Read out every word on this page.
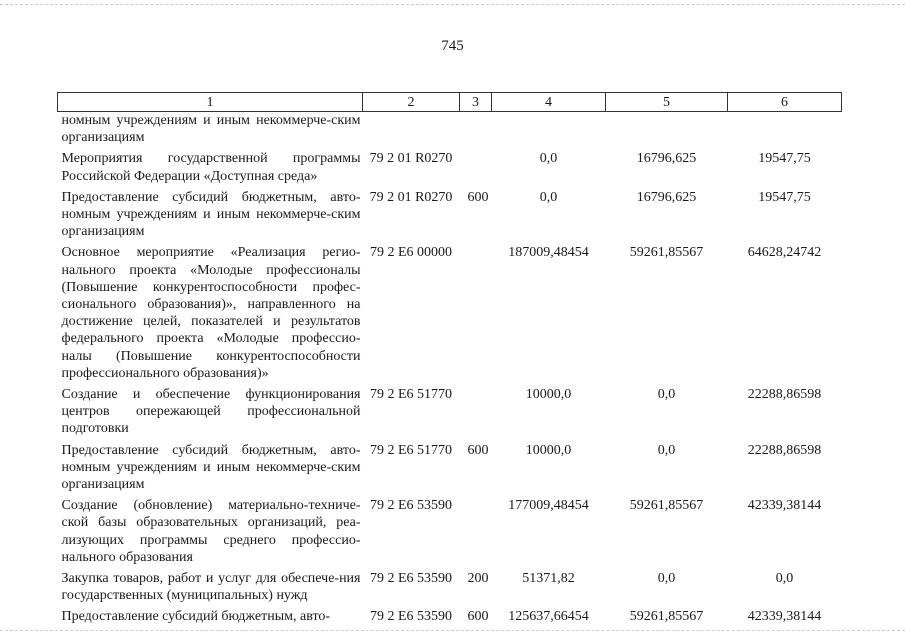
745
1	2	3	4	5	6
номным учреждениям и иным некоммерче-ским организациям					
Мероприятия государственной программы Российской Федерации «Доступная среда»	79 2 01 R0270		0,0	16796,625	19547,75
Предоставление субсидий бюджетным, авто-номным учреждениям и иным некоммерче-ским организациям	79 2 01 R0270	600	0,0	16796,625	19547,75
Основное мероприятие «Реализация регио-нального проекта «Молодые профессионалы (Повышение конкурентоспособности профес-сионального образования)», направленного на достижение целей, показателей и результатов федерального проекта «Молодые профессио-налы (Повышение конкурентоспособности профессионального образования)»	79 2 E6 00000		187009,48454	59261,85567	64628,24742
Создание и обеспечение функционирования центров опережающей профессиональной подготовки	79 2 E6 51770		10000,0	0,0	22288,86598
Предоставление субсидий бюджетным, авто-номным учреждениям и иным некоммерче-ским организациям	79 2 E6 51770	600	10000,0	0,0	22288,86598
Создание (обновление) материально-техниче-ской базы образовательных организаций, реа-лизующих программы среднего профессио-нального образования	79 2 E6 53590		177009,48454	59261,85567	42339,38144
Закупка товаров, работ и услуг для обеспече-ния государственных (муниципальных) нужд	79 2 E6 53590	200	51371,82	0,0	0,0
Предоставление субсидий бюджетным, авто-	79 2 E6 53590	600	125637,66454	59261,85567	42339,38144
